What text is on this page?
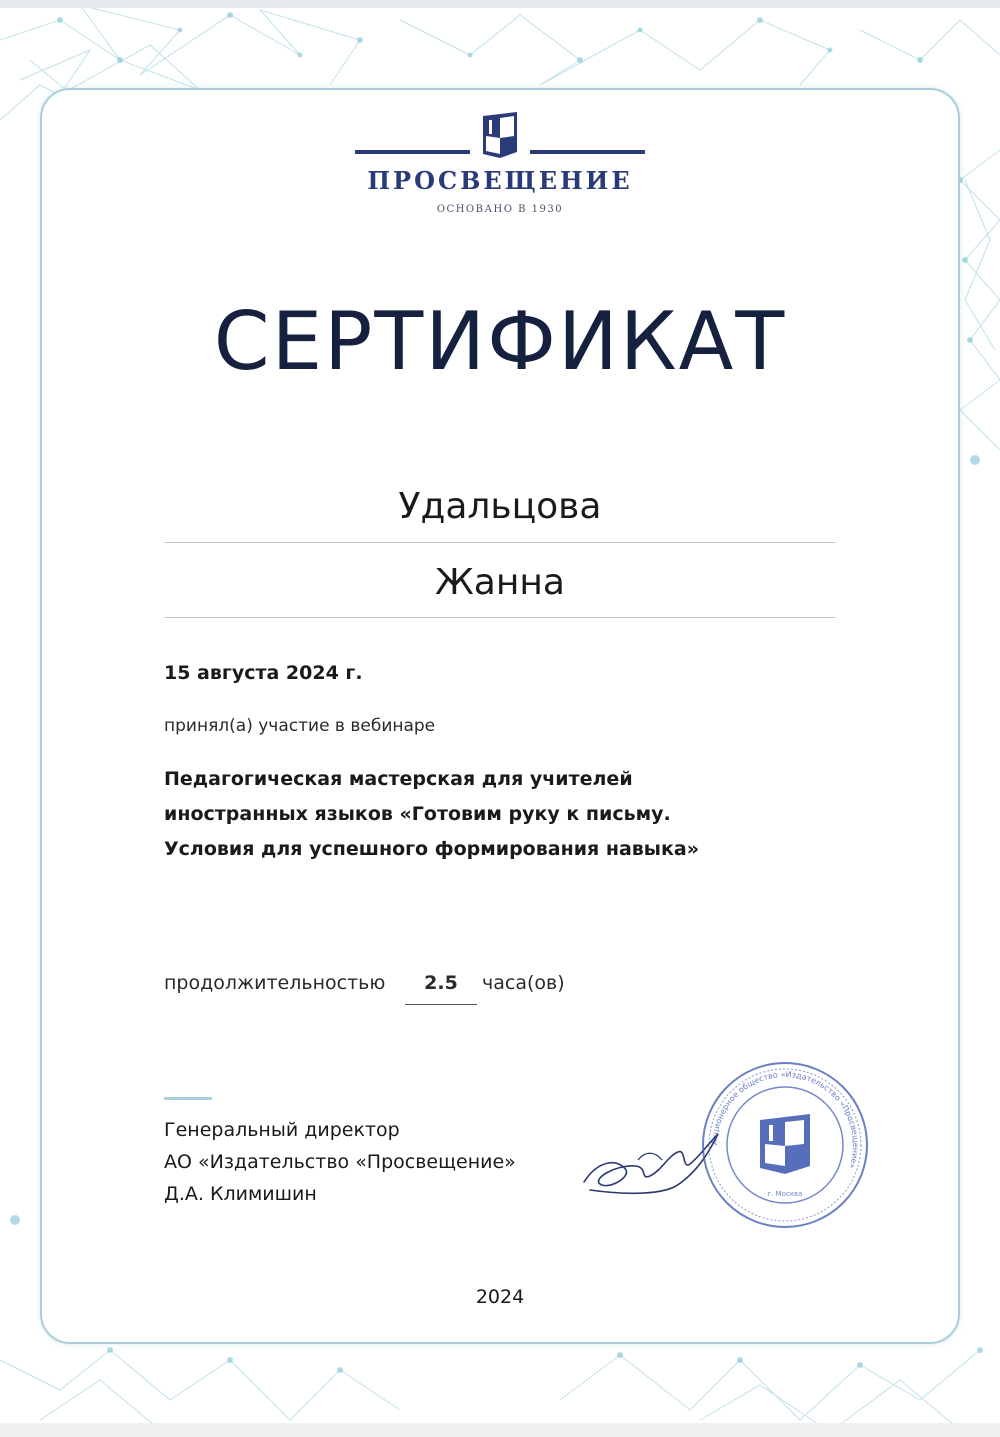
ПРОСВЕЩЕНИЕ
ОСНОВАНО В 1930
СЕРТИФИКАТ
Удальцова
Жанна
15 августа 2024 г.
принял(а) участие в вебинаре
Педагогическая мастерская для учителей
иностранных языков «Готовим руку к письму.
Условия для успешного формирования навыка»
продолжительностью	2.5	часа(ов)
Генеральный директор
АО «Издательство «Просвещение»
Д.А. Климишин
Акционерное общество «Издательство «Просвещение»
г. Москва
2024
